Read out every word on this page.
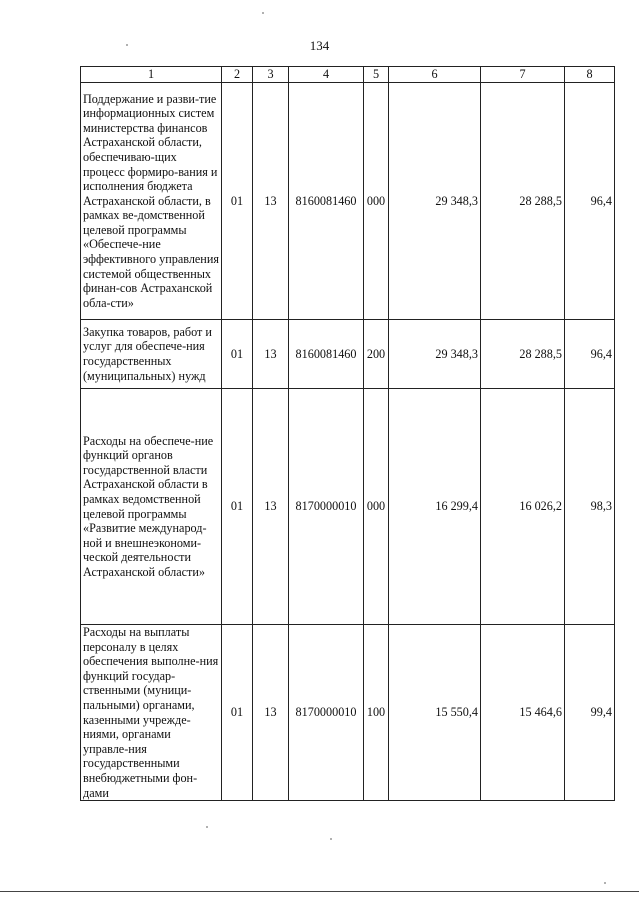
134
1	2	3	4	5	6	7	8
Поддержание и разви-тие информационных систем министерства финансов Астраханской области, обеспечиваю-щих процесс формиро-вания и исполнения бюджета Астраханской области, в рамках ве-домственной целевой программы «Обеспече-ние эффективного управления системой общественных финан-сов Астраханской обла-сти»	01	13	8160081460	000	29 348,3	28 288,5	96,4
Закупка товаров, работ и услуг для обеспече-ния государственных (муниципальных) нужд	01	13	8160081460	200	29 348,3	28 288,5	96,4
Расходы на обеспече-ние функций органов государственной власти Астраханской области в рамках ведомственной целевой программы «Развитие международ-ной и внешнеэкономи-ческой деятельности Астраханской области»	01	13	8170000010	000	16 299,4	16 026,2	98,3
Расходы на выплаты персоналу в целях обеспечения выполне-ния функций государ-ственными (муници-пальными) органами, казенными учрежде-ниями, органами управле-ния государственными внебюджетными фон-дами	01	13	8170000010	100	15 550,4	15 464,6	99,4
